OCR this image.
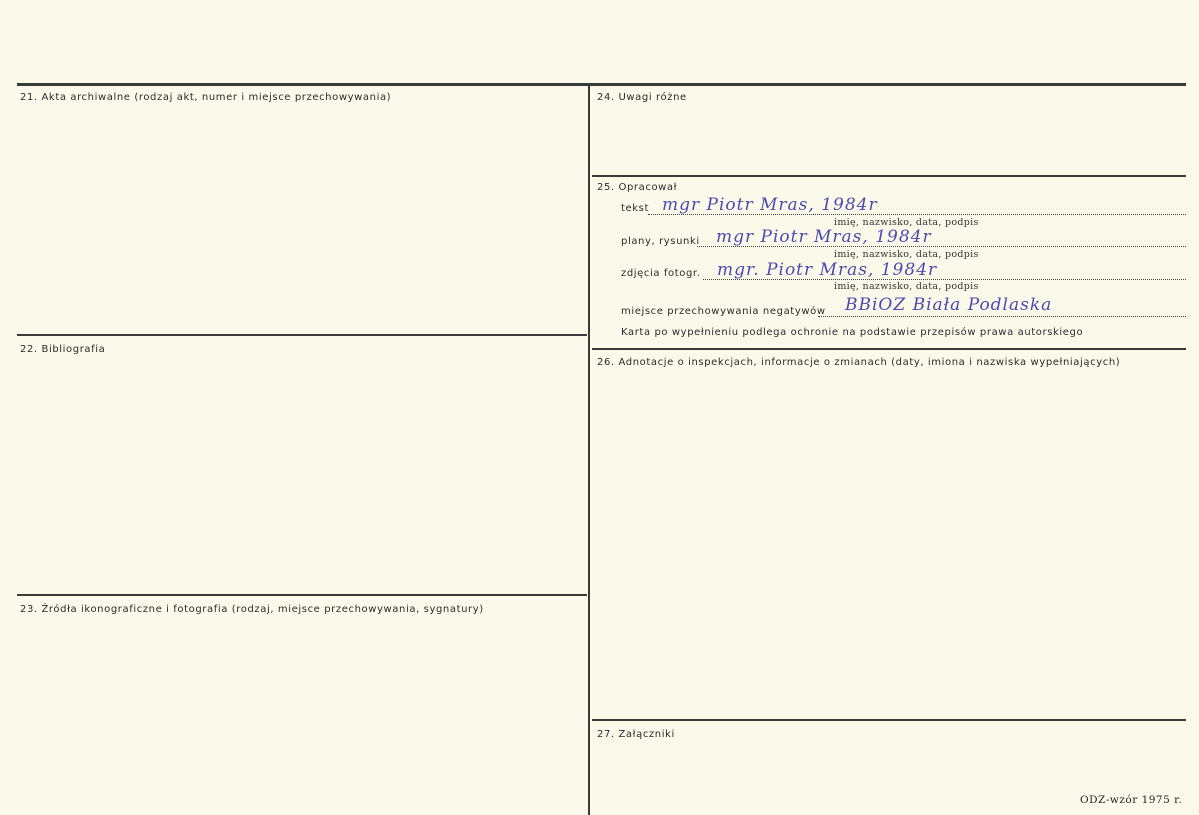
21. Akta archiwalne (rodzaj akt, numer i miejsce przechowywania)
22. Bibliografia
23. Źródła ikonograficzne i fotografia (rodzaj, miejsce przechowywania, sygnatury)
24. Uwagi różne
25. Opracował
26. Adnotacje o inspekcjach, informacje o zmianach (daty, imiona i nazwiska wypełniających)
27. Załączniki
tekst mgr Piotr Mras, 1984r
imię, nazwisko, data, podpis
plany, rysunki mgr Piotr Mras, 1984r
imię, nazwisko, data, podpis
zdjęcia fotogr. mgr. Piotr Mras, 1984r
imię, nazwisko, data, podpis
miejsce przechowywania negatywów BBiOZ Biała Podlaska
Karta po wypełnieniu podlega ochronie na podstawie przepisów prawa autorskiego
ODZ-wzór 1975 r.
